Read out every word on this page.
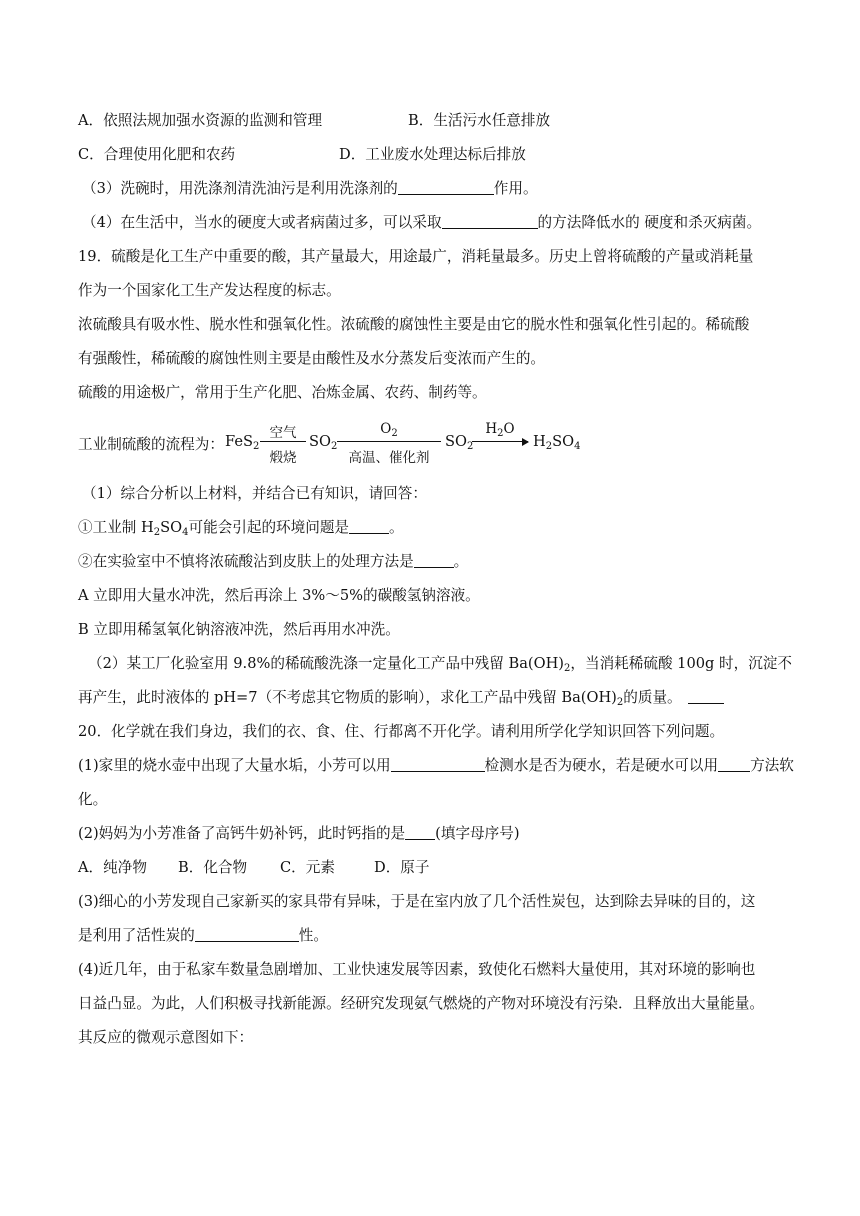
A．依照法规加强水资源的监测和管理	B．生活污水任意排放
C．合理使用化肥和农药	D．工业废水处理达标后排放
（3）洗碗时，用洗涤剂清洗油污是利用洗涤剂的	作用。
（4）在生活中，当水的硬度大或者病菌过多，可以采取	的方法降低水的 硬度和杀灭病菌。
19．硫酸是化工生产中重要的酸，其产量最大，用途最广，消耗量最多。历史上曾将硫酸的产量或消耗量
作为一个国家化工生产发达程度的标志。
浓硫酸具有吸水性、脱水性和强氧化性。浓硫酸的腐蚀性主要是由它的脱水性和强氧化性引起的。稀硫酸
有强酸性，稀硫酸的腐蚀性则主要是由酸性及水分蒸发后变浓而产生的。
硫酸的用途极广，常用于生产化肥、冶炼金属、农药、制药等。
工业制硫酸的流程为： FeS$_2$
空气
煅烧
$SO_2$
$O_2$
高温、催化剂
$SO_2$
$H_2O$
$H_2SO_4$
（1）综合分析以上材料，并结合已有知识，请回答：
①工业制 $H_2SO_4$可能会引起的环境问题是	。
②在实验室中不慎将浓硫酸沾到皮肤上的处理方法是	。
A 立即用大量水冲洗，然后再涂上 3%～5%的碳酸氢钠溶液。
B 立即用稀氢氧化钠溶液冲洗，然后再用水冲洗。
（2）某工厂化验室用 9.8%的稀硫酸洗涤一定量化工产品中残留 $Ba(OH)_2$，当消耗稀硫酸 100g 时，沉淀不
再产生，此时液体的 pH=7（不考虑其它物质的影响），求化工产品中残留 $Ba(OH)_2$的质量。
20．化学就在我们身边，我们的衣、食、住、行都离不开化学。请利用所学化学知识回答下列问题。
(1)家里的烧水壶中出现了大量水垢，小芳可以用	检测水是否为硬水，若是硬水可以用 方法软
化。
(2)妈妈为小芳准备了高钙牛奶补钙，此时钙指的是 (填字母序号)
A．纯净物 B．化合物 C．元素	D．原子
(3)细心的小芳发现自己家新买的家具带有异味，于是在室内放了几个活性炭包，达到除去异味的目的，这
是利用了活性炭的	性。
(4)近几年，由于私家车数量急剧增加、工业快速发展等因素，致使化石燃料大量使用，其对环境的影响也
日益凸显。为此，人们积极寻找新能源。经研究发现氨气燃烧的产物对环境没有污染．且释放出大量能量。
其反应的微观示意图如下：
